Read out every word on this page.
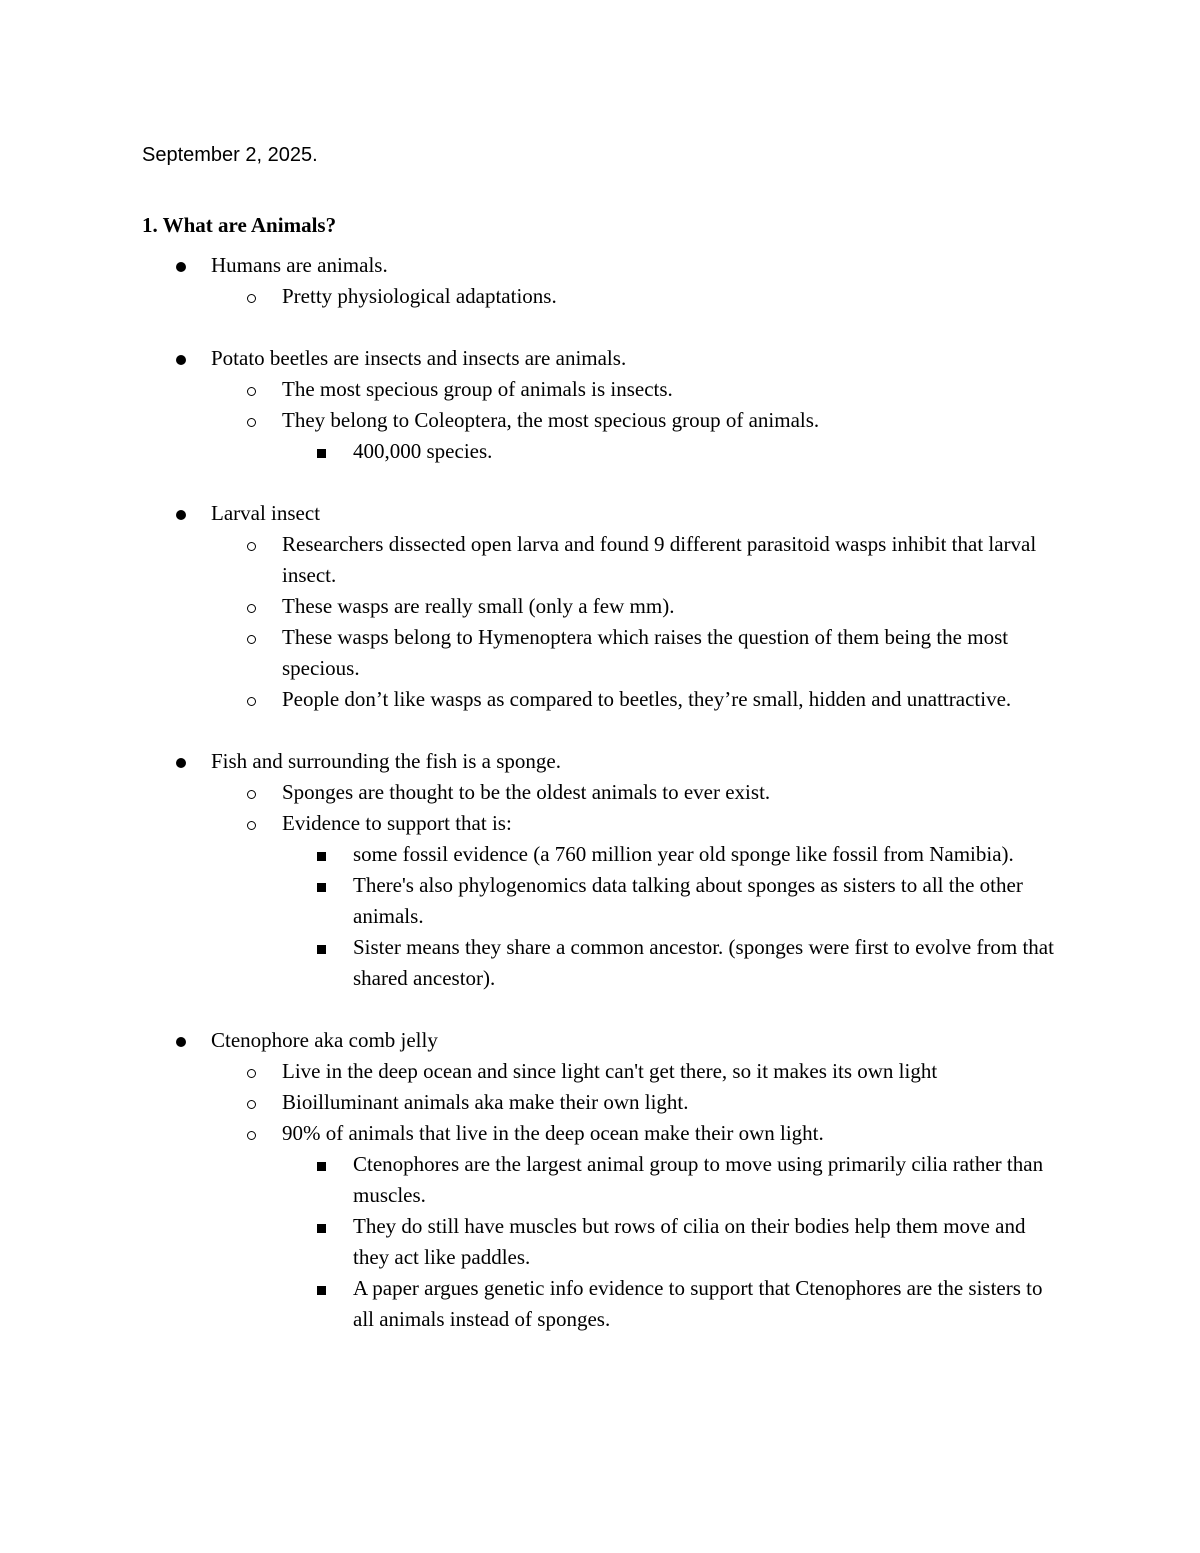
September 2, 2025.
1. What are Animals?
Humans are animals.
Pretty physiological adaptations.
Potato beetles are insects and insects are animals.
The most specious group of animals is insects.
They belong to Coleoptera, the most specious group of animals.
400,000 species.
Larval insect
Researchers dissected open larva and found 9 different parasitoid wasps inhibit that larval insect.
These wasps are really small (only a few mm).
These wasps belong to Hymenoptera which raises the question of them being the most specious.
People don’t like wasps as compared to beetles, they’re small, hidden and unattractive.
Fish and surrounding the fish is a sponge.
Sponges are thought to be the oldest animals to ever exist.
Evidence to support that is:
some fossil evidence (a 760 million year old sponge like fossil from Namibia).
There's also phylogenomics data talking about sponges as sisters to all the other animals.
Sister means they share a common ancestor. (sponges were first to evolve from that shared ancestor).
Ctenophore aka comb jelly
Live in the deep ocean and since light can't get there, so it makes its own light
Bioilluminant animals aka make their own light.
90% of animals that live in the deep ocean make their own light.
Ctenophores are the largest animal group to move using primarily cilia rather than muscles.
They do still have muscles but rows of cilia on their bodies help them move and they act like paddles.
A paper argues genetic info evidence to support that Ctenophores are the sisters to all animals instead of sponges.
